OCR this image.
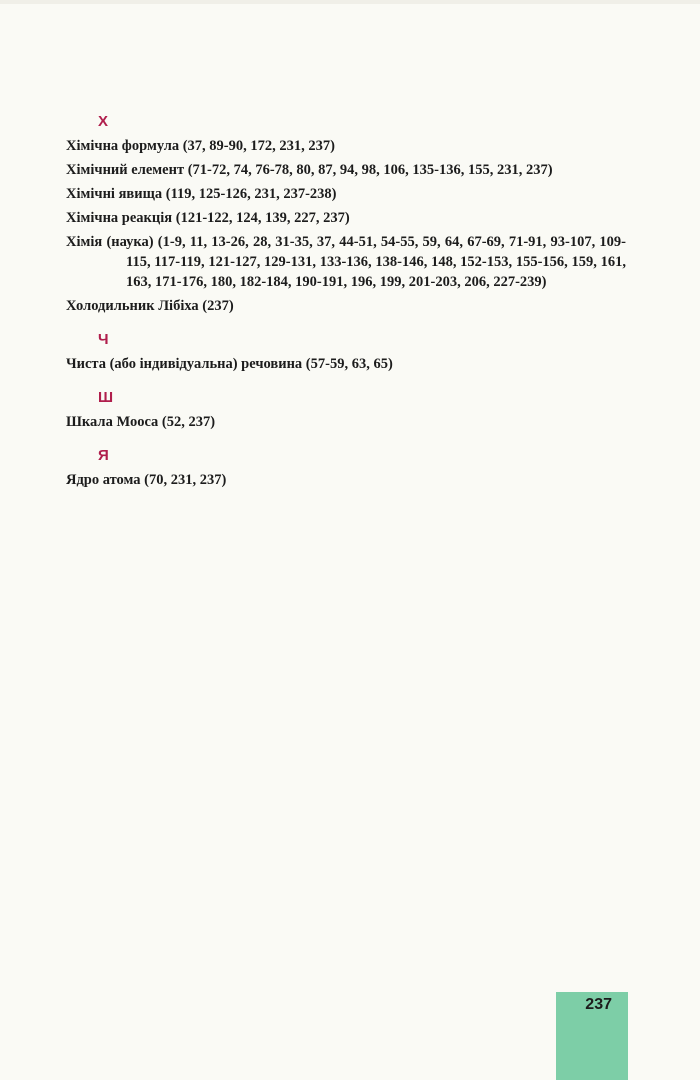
Х
Хімічна формула (37, 89-90, 172, 231, 237)
Хімічний елемент (71-72, 74, 76-78, 80, 87, 94, 98, 106, 135-136, 155, 231, 237)
Хімічні явища (119, 125-126, 231, 237-238)
Хімічна реакція (121-122, 124, 139, 227, 237)
Хімія (наука) (1-9, 11, 13-26, 28, 31-35, 37, 44-51, 54-55, 59, 64, 67-69, 71-91, 93-107, 109-115, 117-119, 121-127, 129-131, 133-136, 138-146, 148, 152-153, 155-156, 159, 161, 163, 171-176, 180, 182-184, 190-191, 196, 199, 201-203, 206, 227-239)
Холодильник Лібіха (237)
Ч
Чиста (або індивідуальна) речовина (57-59, 63, 65)
Ш
Шкала Мооса (52, 237)
Я
Ядро атома (70, 231, 237)
237
